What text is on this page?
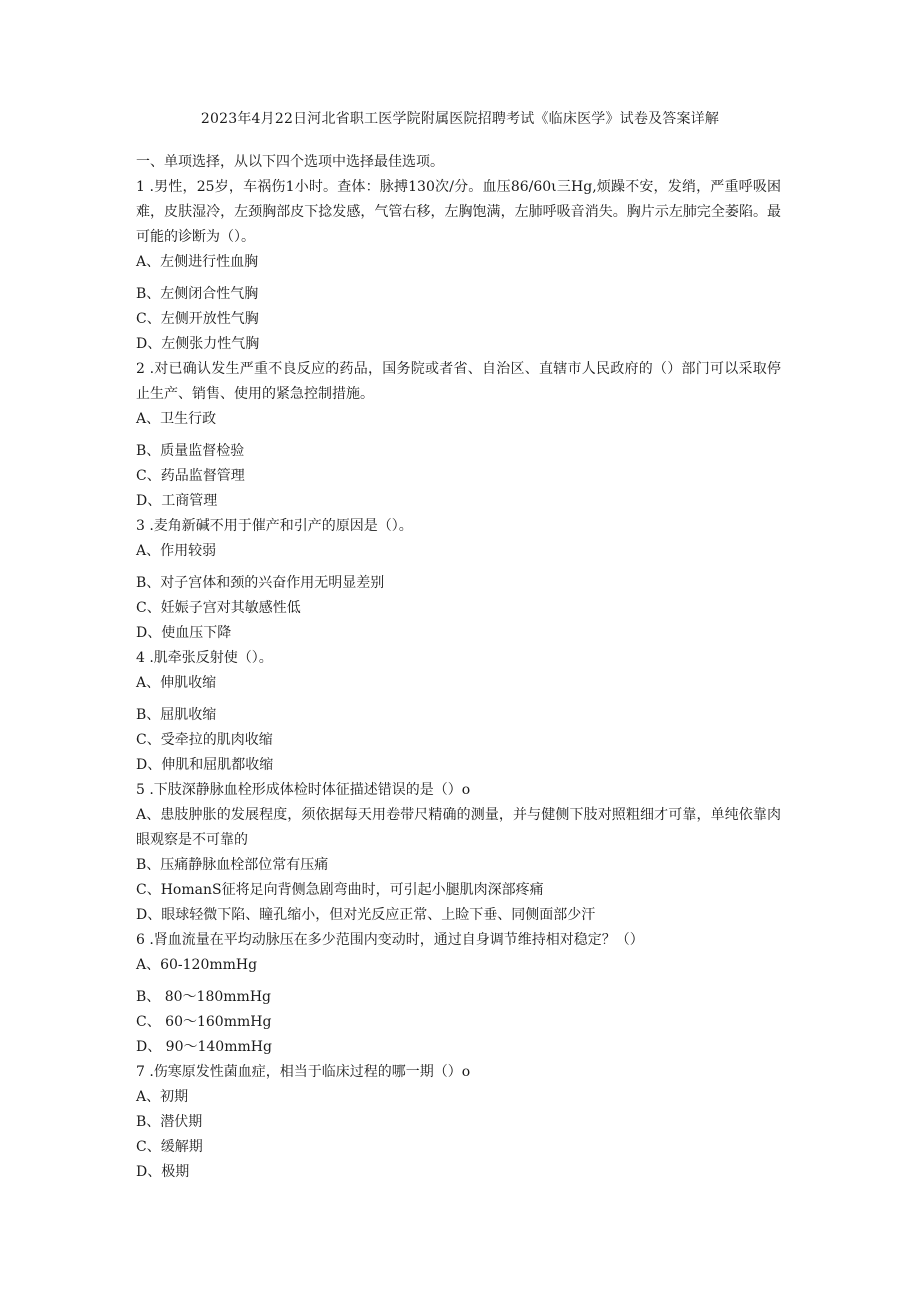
2023年4月22日河北省职工医学院附属医院招聘考试《临床医学》试卷及答案详解

一、单项选择，从以下四个选项中选择最佳选项。

1 .男性，25岁，车祸伤1小时。查体：脉搏130次/分。血压86/60ι三Hg,烦躁不安，发绡，严重呼吸困难，皮肤湿冷，左颈胸部皮下捻发感，气管右移，左胸饱满，左肺呼吸音消失。胸片示左肺完全萎陷。最可能的诊断为（）。

A、左侧进行性血胸

B、左侧闭合性气胸

C、左侧开放性气胸

D、左侧张力性气胸

2 .对已确认发生严重不良反应的药品，国务院或者省、自治区、直辖市人民政府的（）部门可以采取停止生产、销售、使用的紧急控制措施。

A、卫生行政

B、质量监督检验

C、药品监督管理

D、工商管理

3 .麦角新碱不用于催产和引产的原因是（）。

A、作用较弱

B、对子宫体和颈的兴奋作用无明显差别

C、妊娠子宫对其敏感性低

D、使血压下降

4 .肌牵张反射使（）。

A、伸肌收缩

B、屈肌收缩

C、受牵拉的肌肉收缩

D、伸肌和屈肌都收缩

5 .下肢深静脉血栓形成体检时体征描述错误的是（）o

A、患肢肿胀的发展程度，须依据每天用卷带尺精确的测量，并与健侧下肢对照粗细才可靠，单纯依靠肉眼观察是不可靠的

B、压痛静脉血栓部位常有压痛

C、HomanS征将足向背侧急剧弯曲时，可引起小腿肌肉深部疼痛

D、眼球轻微下陷、瞳孔缩小，但对光反应正常、上睑下垂、同侧面部少汗

6 .肾血流量在平均动脉压在多少范围内变动时，通过自身调节维持相对稳定？（）

A、60-120mmHg

B、 80～180mmHg

C、 60～160mmHg

D、 90～140mmHg

7 .伤寒原发性菌血症，相当于临床过程的哪一期（）o

A、初期

B、潜伏期

C、缓解期

D、极期
